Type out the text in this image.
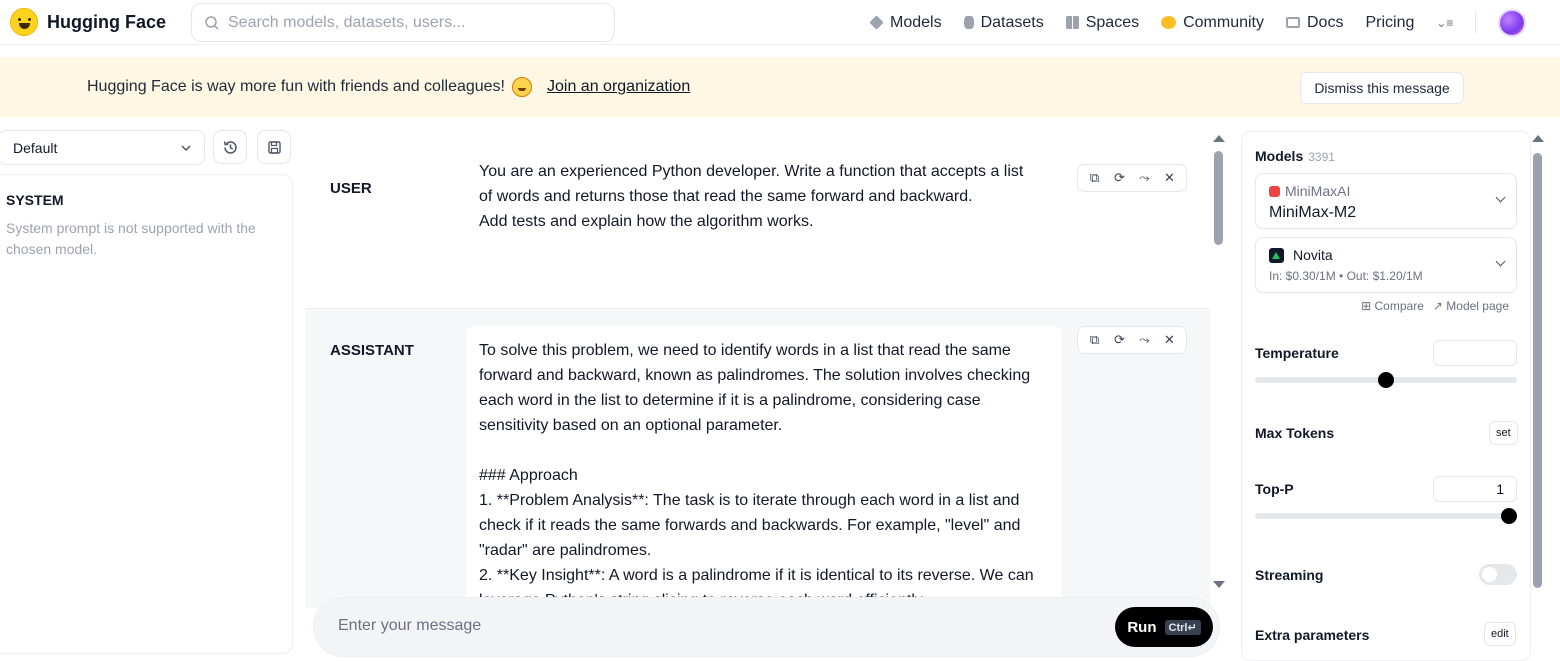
Hugging Face
Search models, datasets, users...	Models Datasets	Spaces	Community	Docs Pricing ⌄≡
Hugging Face is way more fun with friends and colleagues!	Join an organization	Dismiss this message
Default
SYSTEM
System prompt is not supported with the chosen model.
USER
You are an experienced Python developer. Write a function that accepts a list
of words and returns those that read the same forward and backward.
Add tests and explain how the algorithm works.
⧉	⟳	⤳	✕
ASSISTANT	To solve this problem, we need to identify words in a list that read the same forward and backward, known as palindromes. The solution involves checking each word in the list to determine if it is a palindrome, considering case sensitivity based on an optional parameter.

### Approach
1. **Problem Analysis**: The task is to iterate through each word in a list and check if it reads the same forwards and backwards. For example, "level" and "radar" are palindromes.
2. **Key Insight**: A word is a palindrome if it is identical to its reverse. We can
⧉	⟳	⤳	✕
Enter your message
Run	Ctrl↵
Models 3391
MiniMaxAI
MiniMax-M2
Novita
In: $0.30/1M • Out: $1.20/1M
⊞ Compare ↗ Model page
Temperature
Max Tokens	set
Top-P
1
Streaming
Extra parameters	edit
